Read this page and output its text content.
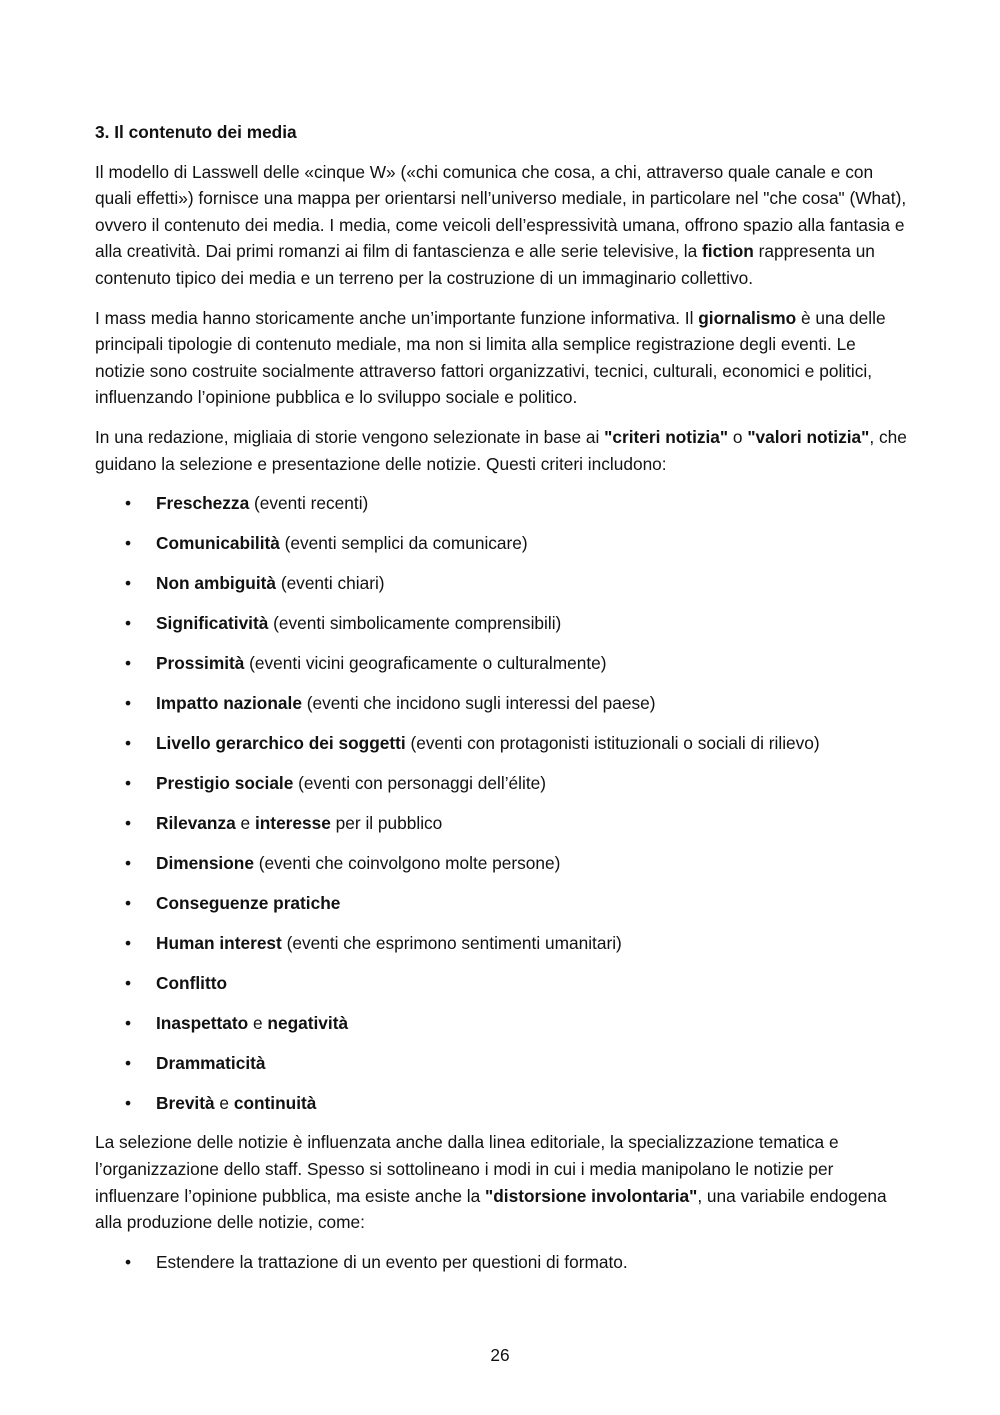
3. Il contenuto dei media

Il modello di Lasswell delle «cinque W» («chi comunica che cosa, a chi, attraverso quale canale e con quali effetti») fornisce una mappa per orientarsi nell’universo mediale, in particolare nel "che cosa" (What), ovvero il contenuto dei media. I media, come veicoli dell’espressività umana, offrono spazio alla fantasia e alla creatività. Dai primi romanzi ai film di fantascienza e alle serie televisive, la fiction rappresenta un contenuto tipico dei media e un terreno per la costruzione di un immaginario collettivo.

I mass media hanno storicamente anche un’importante funzione informativa. Il giornalismo è una delle principali tipologie di contenuto mediale, ma non si limita alla semplice registrazione degli eventi. Le notizie sono costruite socialmente attraverso fattori organizzativi, tecnici, culturali, economici e politici, influenzando l’opinione pubblica e lo sviluppo sociale e politico.

In una redazione, migliaia di storie vengono selezionate in base ai "criteri notizia" o "valori notizia", che guidano la selezione e presentazione delle notizie. Questi criteri includono:

• Freschezza (eventi recenti)
• Comunicabilità (eventi semplici da comunicare)
• Non ambiguità (eventi chiari)
• Significatività (eventi simbolicamente comprensibili)
• Prossimità (eventi vicini geograficamente o culturalmente)
• Impatto nazionale (eventi che incidono sugli interessi del paese)
• Livello gerarchico dei soggetti (eventi con protagonisti istituzionali o sociali di rilievo)
• Prestigio sociale (eventi con personaggi dell’élite)
• Rilevanza e interesse per il pubblico
• Dimensione (eventi che coinvolgono molte persone)
• Conseguenze pratiche
• Human interest (eventi che esprimono sentimenti umanitari)
• Conflitto
• Inaspettato e negatività
• Drammaticità
• Brevità e continuità

La selezione delle notizie è influenzata anche dalla linea editoriale, la specializzazione tematica e l’organizzazione dello staff. Spesso si sottolineano i modi in cui i media manipolano le notizie per influenzare l’opinione pubblica, ma esiste anche la "distorsione involontaria", una variabile endogena alla produzione delle notizie, come:

• Estendere la trattazione di un evento per questioni di formato.
26
